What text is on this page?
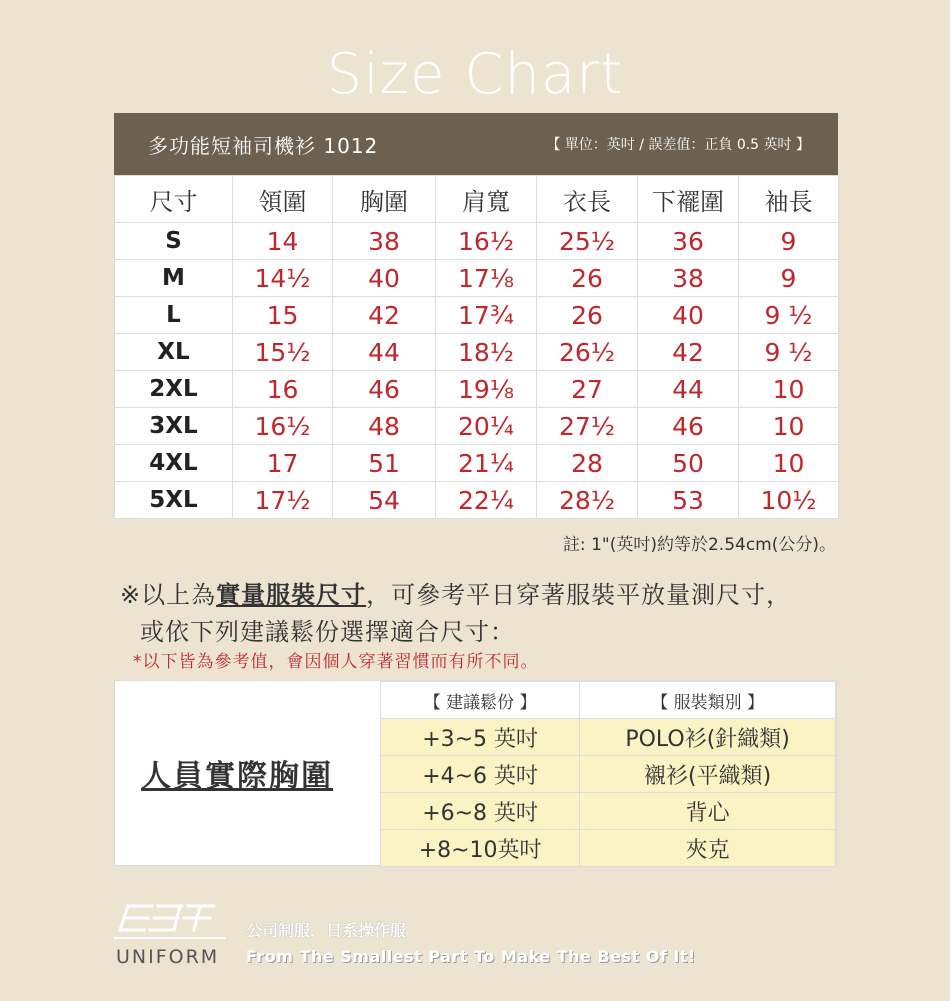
Size Chart
多功能短袖司機衫 1012	【 單位：英吋 / 誤差值：正負 0.5 英吋 】
尺寸	領圍	胸圍	肩寬	衣長	下襬圍	袖長
S	14	38	16½	25½	36	9
M	14½	40	17⅛	26	38	9
L	15	42	17¾	26	40	9 ½
XL	15½	44	18½	26½	42	9 ½
2XL	16	46	19⅛	27	44	10
3XL	16½	48	20¼	27½	46	10
4XL	17	51	21¼	28	50	10
5XL	17½	54	22¼	28½	53	10½
註: 1"(英吋)約等於2.54cm(公分)。
※以上為實量服裝尺寸，可參考平日穿著服裝平放量測尺寸，
或依下列建議鬆份選擇適合尺寸：
*以下皆為參考值，會因個人穿著習慣而有所不同。
人員實際胸圍
【 建議鬆份 】	【 服裝類別 】
+3~5 英吋	POLO衫(針織類)
+4~6 英吋	襯衫(平織類)
+6~8 英吋	背心
+8~10英吋	夾克
UNIFORM
公司制服．日系操作服
From The Smallest Part To Make The Best Of It!
